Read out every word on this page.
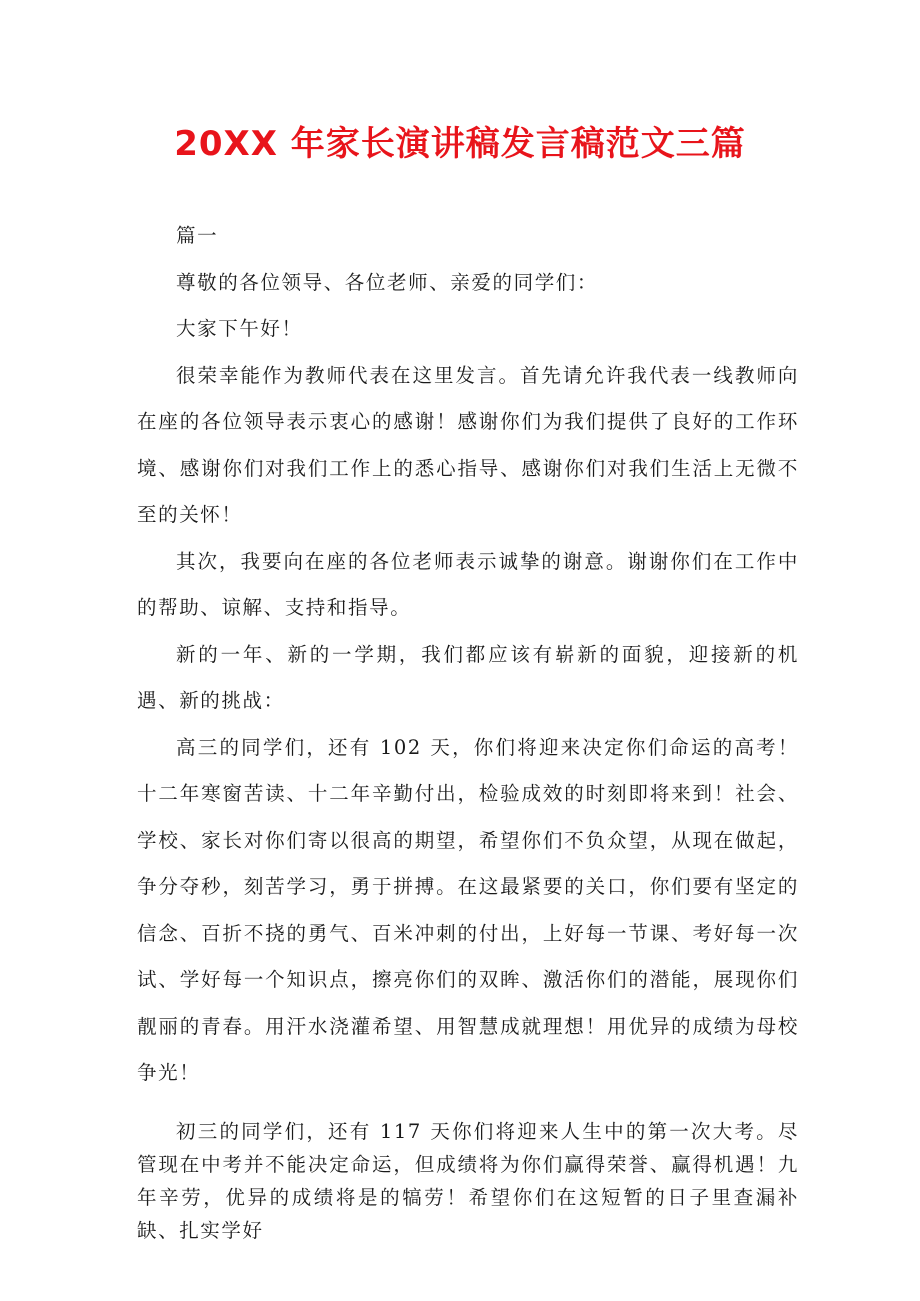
20XX 年家长演讲稿发言稿范文三篇

篇一

尊敬的各位领导、各位老师、亲爱的同学们：

大家下午好！

很荣幸能作为教师代表在这里发言。首先请允许我代表一线教师向在座的各位领导表示衷心的感谢！感谢你们为我们提供了良好的工作环境、感谢你们对我们工作上的悉心指导、感谢你们对我们生活上无微不至的关怀！

其次，我要向在座的各位老师表示诚挚的谢意。谢谢你们在工作中的帮助、谅解、支持和指导。

新的一年、新的一学期，我们都应该有崭新的面貌，迎接新的机遇、新的挑战：

高三的同学们，还有 102 天，你们将迎来决定你们命运的高考！十二年寒窗苦读、十二年辛勤付出，检验成效的时刻即将来到！社会、学校、家长对你们寄以很高的期望，希望你们不负众望，从现在做起，争分夺秒，刻苦学习，勇于拼搏。在这最紧要的关口，你们要有坚定的信念、百折不挠的勇气、百米冲刺的付出，上好每一节课、考好每一次试、学好每一个知识点，擦亮你们的双眸、激活你们的潜能，展现你们靓丽的青春。用汗水浇灌希望、用智慧成就理想！用优异的成绩为母校争光！

初三的同学们，还有 117 天你们将迎来人生中的第一次大考。尽管现在中考并不能决定命运，但成绩将为你们赢得荣誉、赢得机遇！九年辛劳，优异的成绩将是的犒劳！希望你们在这短暂的日子里查漏补缺、扎实学好
